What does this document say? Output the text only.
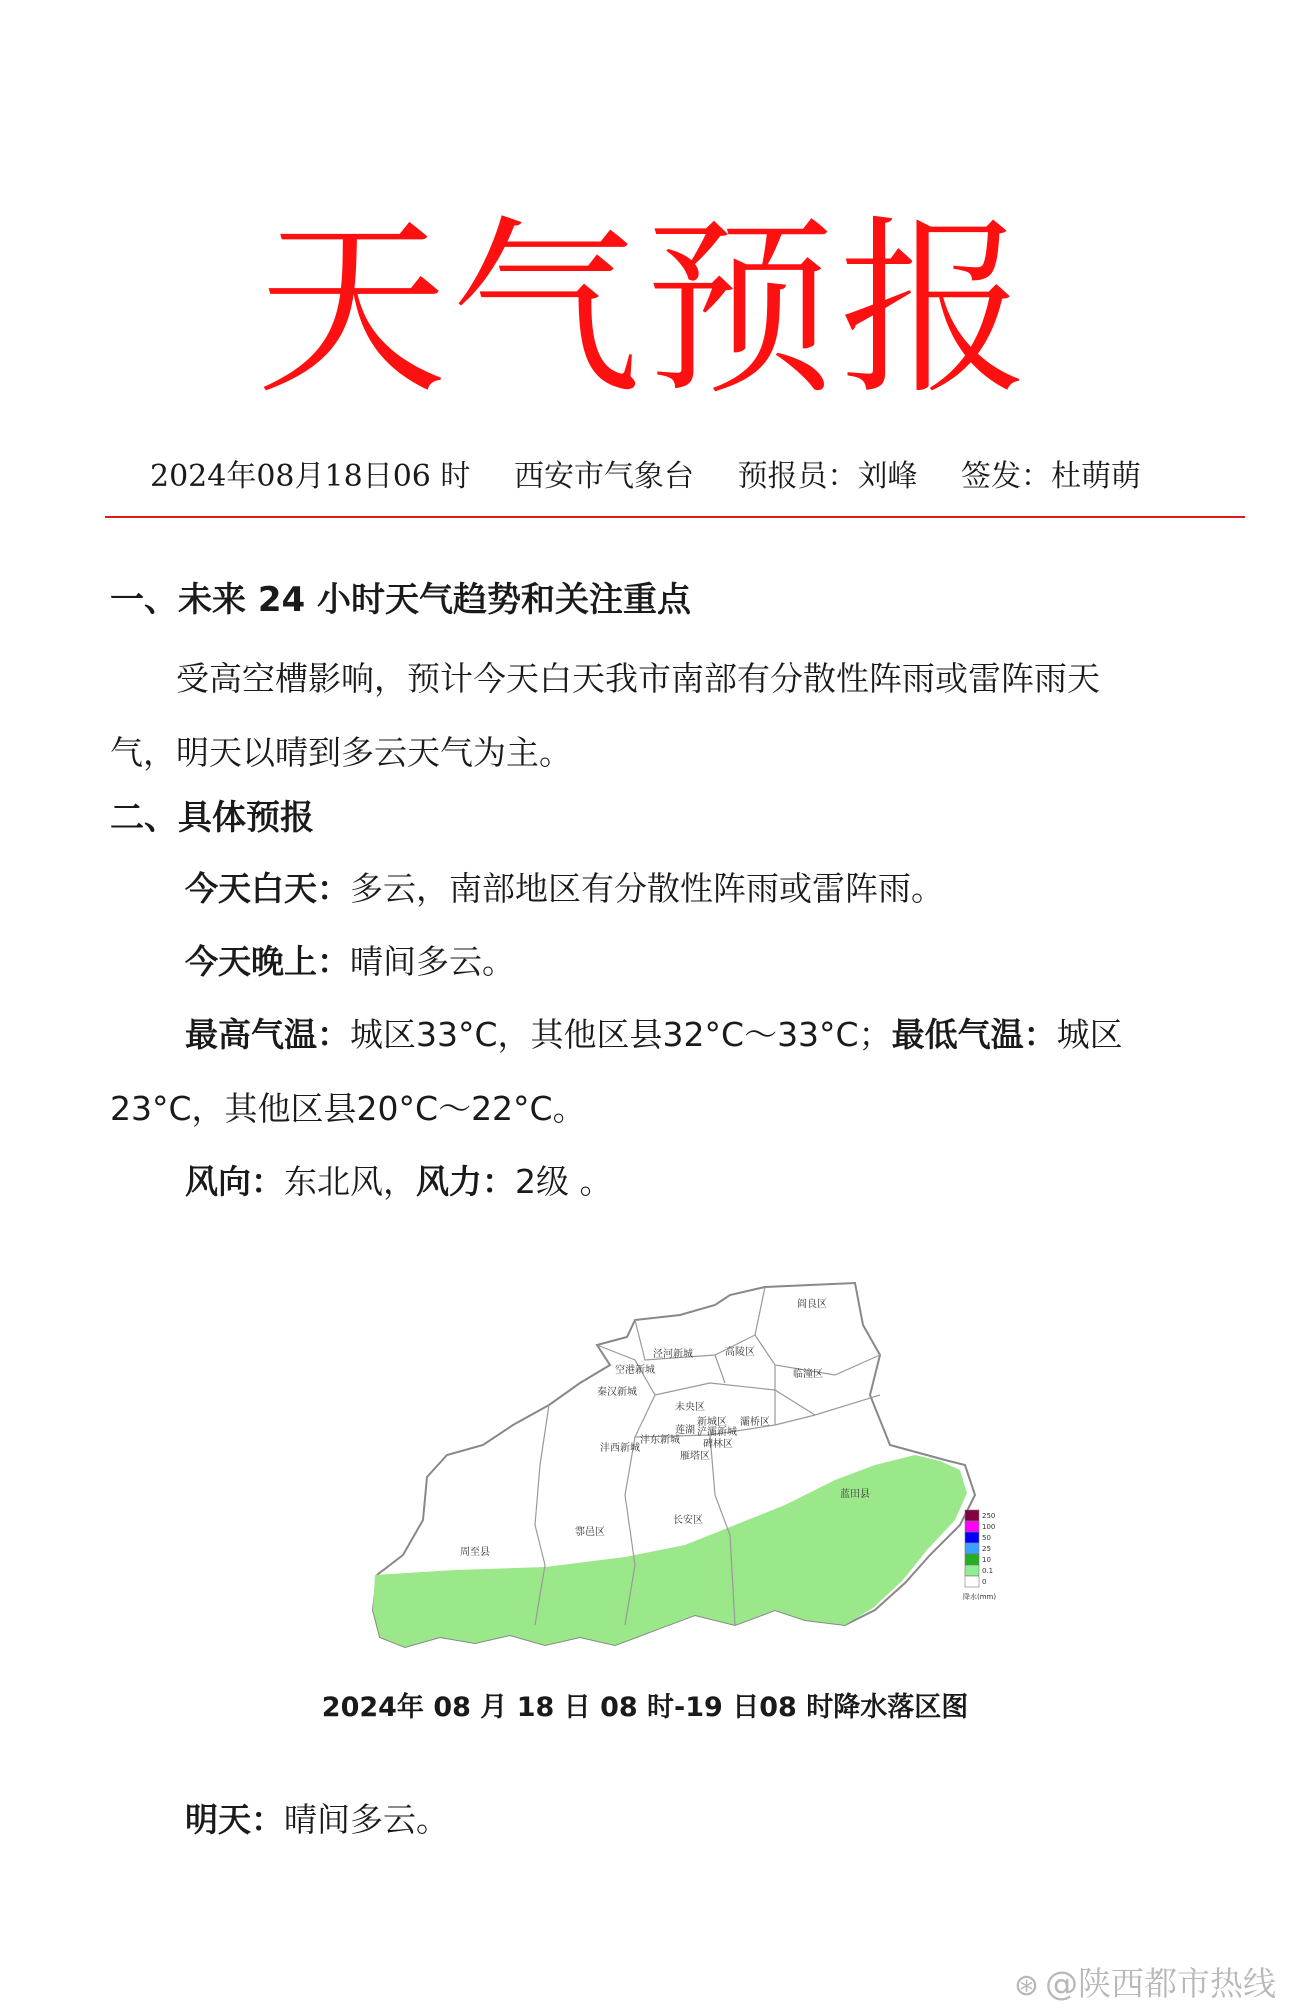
天气预报
2024年08月18日06 时 西安市气象台 预报员：刘峰 签发：杜萌萌
一、未来 24 小时天气趋势和关注重点
受高空槽影响，预计今天白天我市南部有分散性阵雨或雷阵雨天气，明天以晴到多云天气为主。
二、具体预报
今天白天：多云，南部地区有分散性阵雨或雷阵雨。
今天晚上：晴间多云。
最高气温：城区33°C，其他区县32°C～33°C；最低气温：城区23°C，其他区县20°C～22°C。
风向：东北风，风力：2级 。
阎良区
泾河新城	高陵区
空港新城	临潼区
秦汉新城
未央区
灞桥区
沣东新城
浐灞新城
碑林区
沣西新城
雁塔区
莲湖
新城区
蓝田县
鄠邑区
长安区
周至县
250
100
50
25
10
0.1
0
降水(mm)
2024年 08 月 18 日 08 时-19 日08 时降水落区图
明天：晴间多云。
⊛ @陕西都市热线
